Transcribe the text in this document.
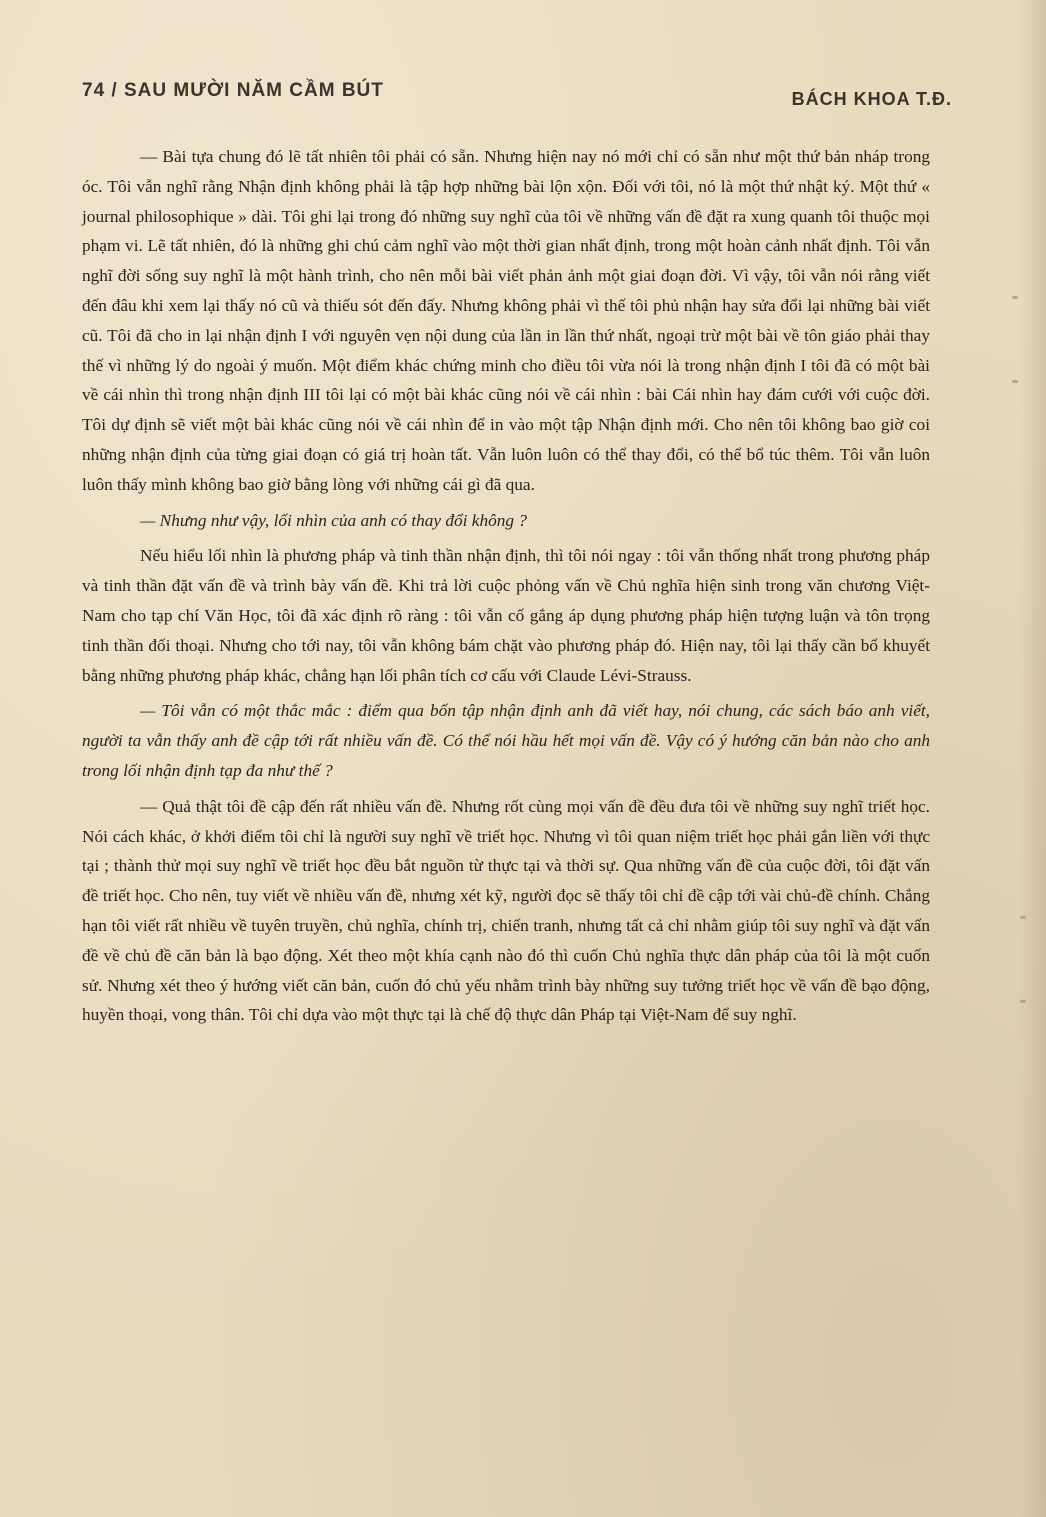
74 / SAU MƯỜI NĂM CẦM BÚT	BÁCH KHOA T.Đ.

— Bài tựa chung đó lẽ tất nhiên tôi phải có sẵn. Nhưng hiện nay nó mới chỉ có sẵn như một thứ bản nháp trong óc. Tôi vẫn nghĩ rằng Nhận định không phải là tập hợp những bài lộn xộn. Đối với tôi, nó là một thứ nhật ký. Một thứ « journal philosophique » dài. Tôi ghi lại trong đó những suy nghĩ của tôi về những vấn đề đặt ra xung quanh tôi thuộc mọi phạm vi. Lẽ tất nhiên, đó là những ghi chú cảm nghĩ vào một thời gian nhất định, trong một hoàn cảnh nhất định. Tôi vẫn nghĩ đời sống suy nghĩ là một hành trình, cho nên mỗi bài viết phản ảnh một giai đoạn đời. Vì vậy, tôi vẫn nói rằng viết đến đâu khi xem lại thấy nó cũ và thiếu sót đến đấy. Nhưng không phải vì thế tôi phủ nhận hay sửa đổi lại những bài viết cũ. Tôi đã cho in lại nhận định I với nguyên vẹn nội dung của lần in lần thứ nhất, ngoại trừ một bài về tôn giáo phải thay thế vì những lý do ngoài ý muốn. Một điểm khác chứng minh cho điều tôi vừa nói là trong nhận định I tôi đã có một bài về cái nhìn thì trong nhận định III tôi lại có một bài khác cũng nói về cái nhìn : bài Cái nhìn hay đám cưới với cuộc đời. Tôi dự định sẽ viết một bài khác cũng nói về cái nhìn để in vào một tập Nhận định mới. Cho nên tôi không bao giờ coi những nhận định của từng giai đoạn có giá trị hoàn tất. Vẫn luôn luôn có thể thay đổi, có thể bổ túc thêm. Tôi vẫn luôn luôn thấy mình không bao giờ bằng lòng với những cái gì đã qua.

— Nhưng như vậy, lối nhìn của anh có thay đổi không ?

Nếu hiểu lối nhìn là phương pháp và tinh thần nhận định, thì tôi nói ngay : tôi vẫn thống nhất trong phương pháp và tinh thần đặt vấn đề và trình bày vấn đề. Khi trả lời cuộc phỏng vấn về Chủ nghĩa hiện sinh trong văn chương Việt-Nam cho tạp chí Văn Học, tôi đã xác định rõ ràng : tôi vẫn cố gắng áp dụng phương pháp hiện tượng luận và tôn trọng tinh thần đối thoại. Nhưng cho tới nay, tôi vẫn không bám chặt vào phương pháp đó. Hiện nay, tôi lại thấy cần bổ khuyết bằng những phương pháp khác, chẳng hạn lối phân tích cơ cấu với Claude Lévi-Strauss.

— Tôi vẫn có một thắc mắc : điểm qua bốn tập nhận định anh đã viết hay, nói chung, các sách báo anh viết, người ta vẫn thấy anh đề cập tới rất nhiều vấn đề. Có thể nói hầu hết mọi vấn đề. Vậy có ý hướng căn bản nào cho anh trong lối nhận định tạp đa như thế ?

— Quả thật tôi đề cập đến rất nhiều vấn đề. Nhưng rốt cùng mọi vấn đề đều đưa tôi về những suy nghĩ triết học. Nói cách khác, ở khởi điểm tôi chỉ là người suy nghĩ về triết học. Nhưng vì tôi quan niệm triết học phải gắn liền với thực tại ; thành thử mọi suy nghĩ về triết học đều bắt nguồn từ thực tại và thời sự. Qua những vấn đề của cuộc đời, tôi đặt vấn đề triết học. Cho nên, tuy viết về nhiều vấn đề, nhưng xét kỹ, người đọc sẽ thấy tôi chỉ đề cập tới vài chủ-đề chính. Chẳng hạn tôi viết rất nhiều về tuyên truyền, chủ nghĩa, chính trị, chiến tranh, nhưng tất cả chỉ nhằm giúp tôi suy nghĩ và đặt vấn đề về chủ đề căn bản là bạo động. Xét theo một khía cạnh nào đó thì cuốn Chủ nghĩa thực dân pháp của tôi là một cuốn sử. Nhưng xét theo ý hướng viết căn bản, cuốn đó chủ yếu nhằm trình bày những suy tưởng triết học về vấn đề bạo động, huyền thoại, vong thân. Tôi chỉ dựa vào một thực tại là chế độ thực dân Pháp tại Việt-Nam để suy nghĩ.
